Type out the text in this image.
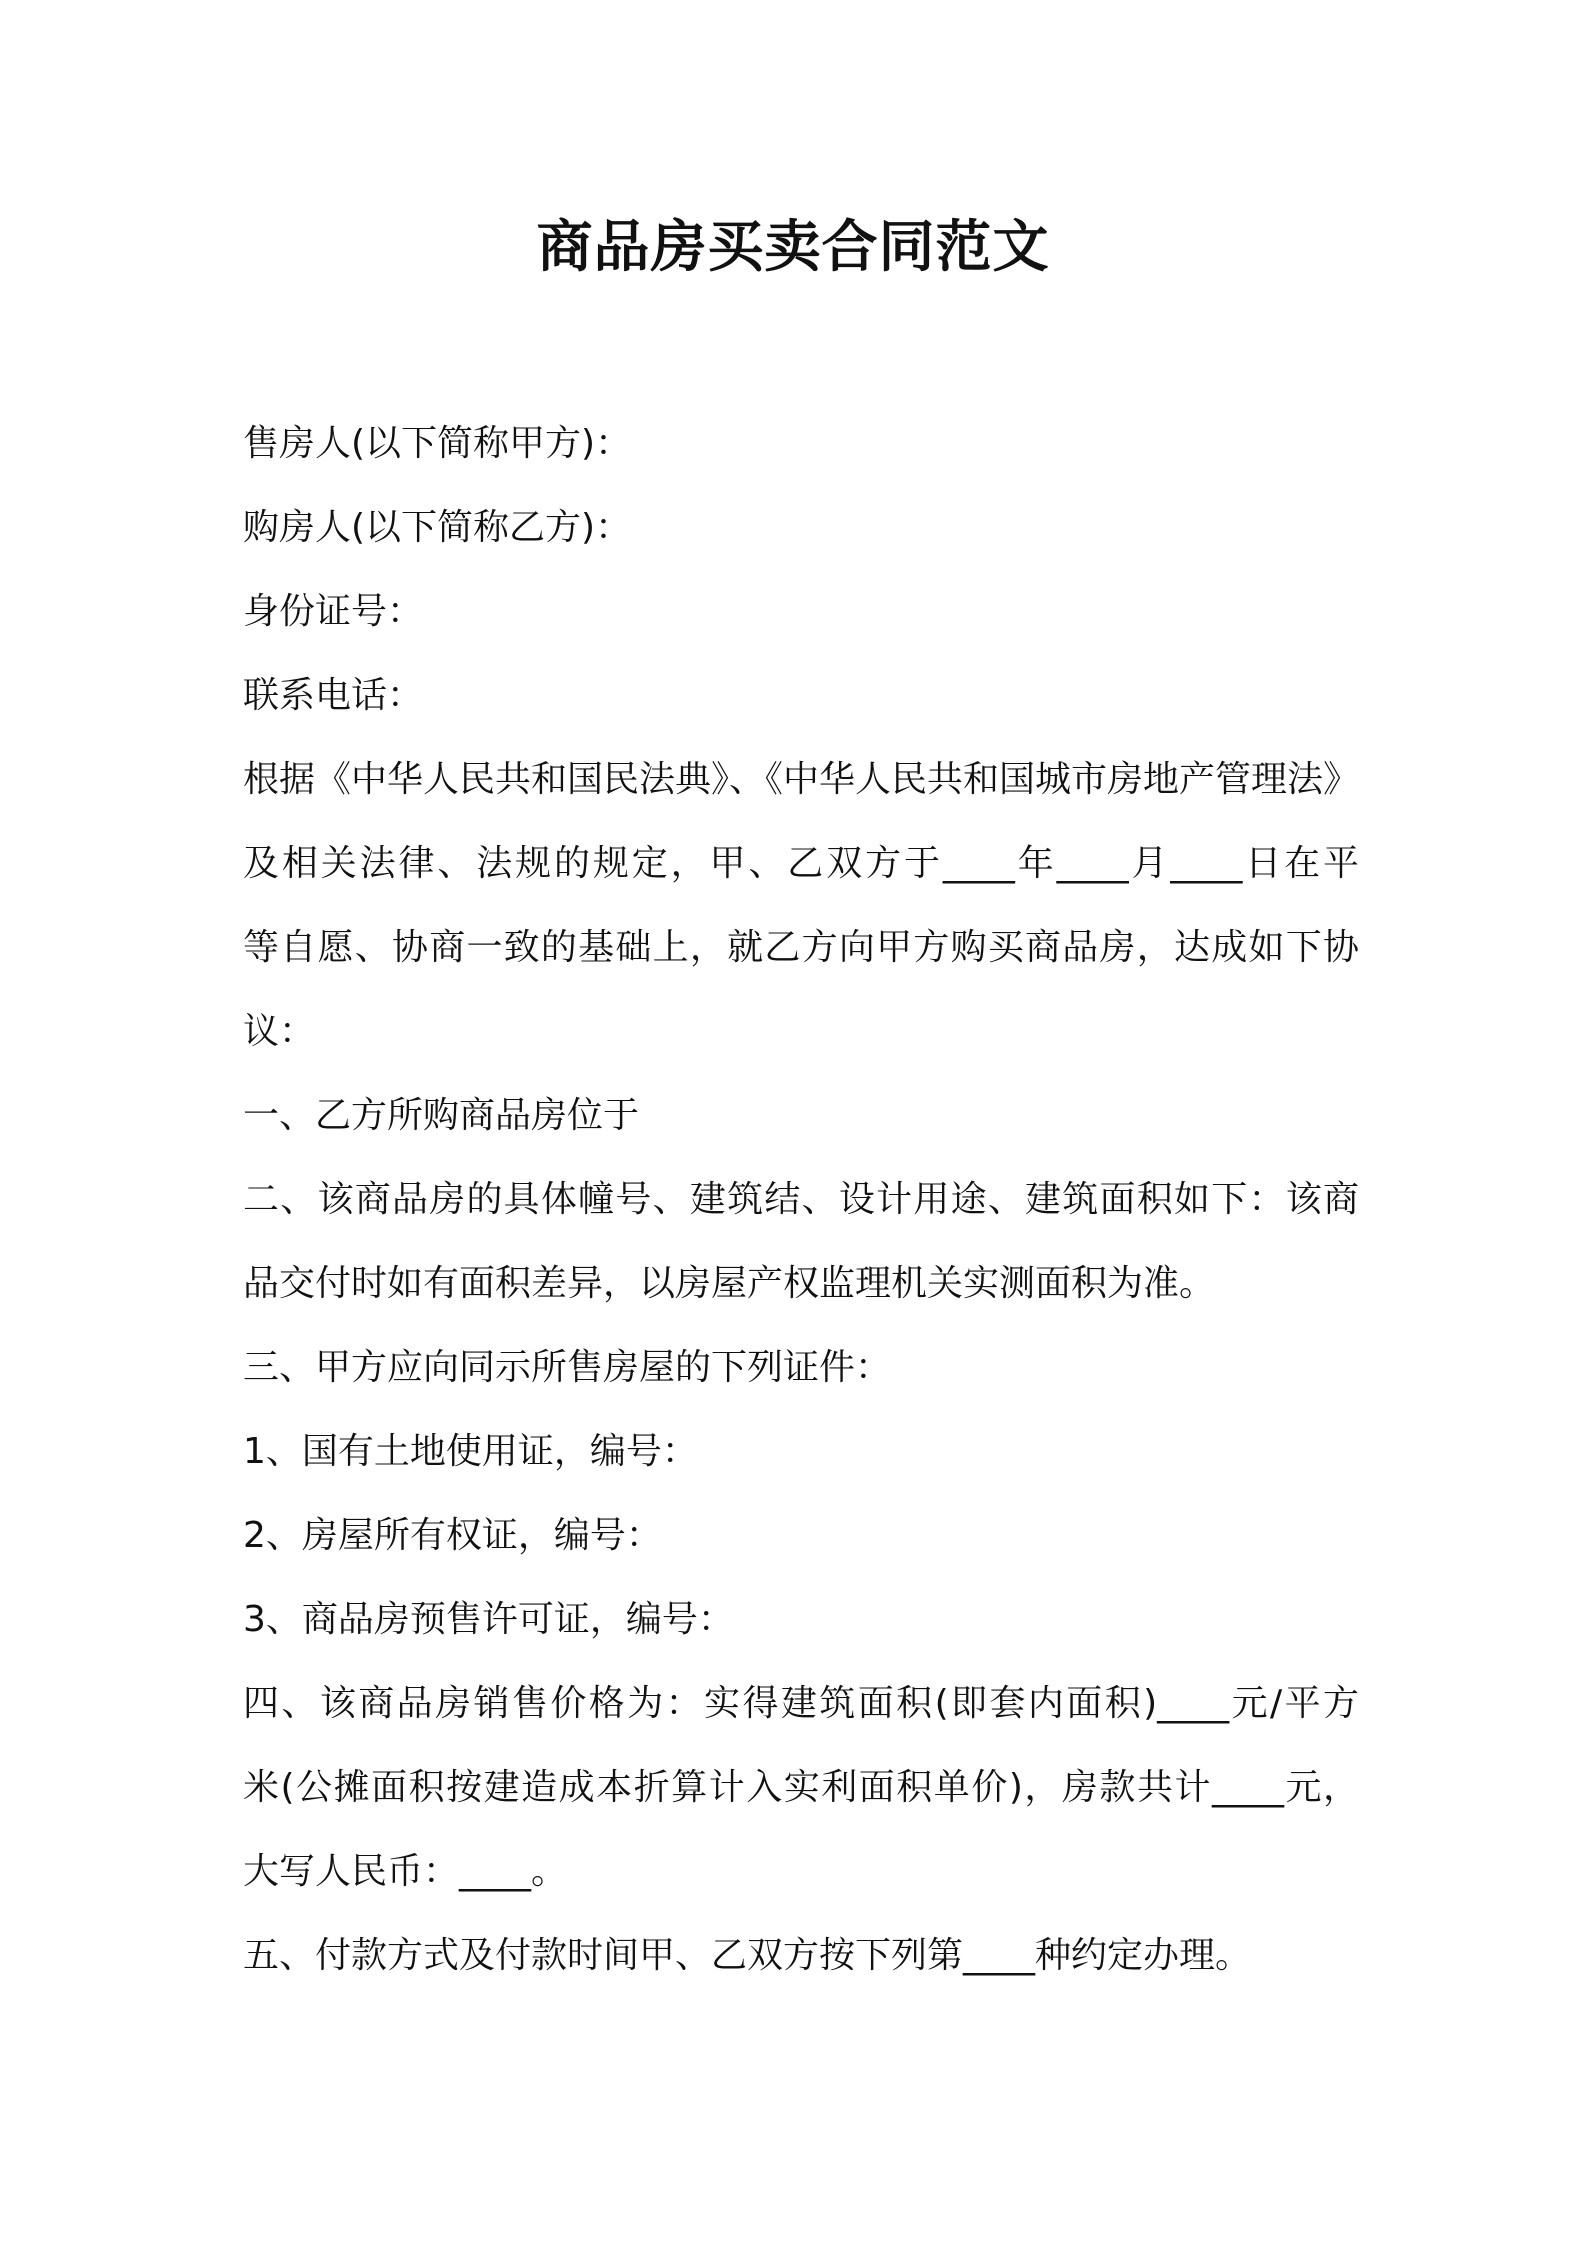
商品房买卖合同范文
售房人(以下简称甲方)：
购房人(以下简称乙方)：
身份证号：
联系电话：
根据《中华人民共和国民法典》、《中华人民共和国城市房地产管理法》
及相关法律、法规的规定，甲、乙双方于____年____月____日在平
等自愿、协商一致的基础上，就乙方向甲方购买商品房，达成如下协
议：
一、乙方所购商品房位于
二、该商品房的具体幢号、建筑结、设计用途、建筑面积如下：该商
品交付时如有面积差异，以房屋产权监理机关实测面积为准。
三、甲方应向同示所售房屋的下列证件：
1、国有土地使用证，编号：
2、房屋所有权证，编号：
3、商品房预售许可证，编号：
四、该商品房销售价格为：实得建筑面积(即套内面积)____元/平方
米(公摊面积按建造成本折算计入实利面积单价)，房款共计____元，
大写人民币：____。
五、付款方式及付款时间甲、乙双方按下列第____种约定办理。
